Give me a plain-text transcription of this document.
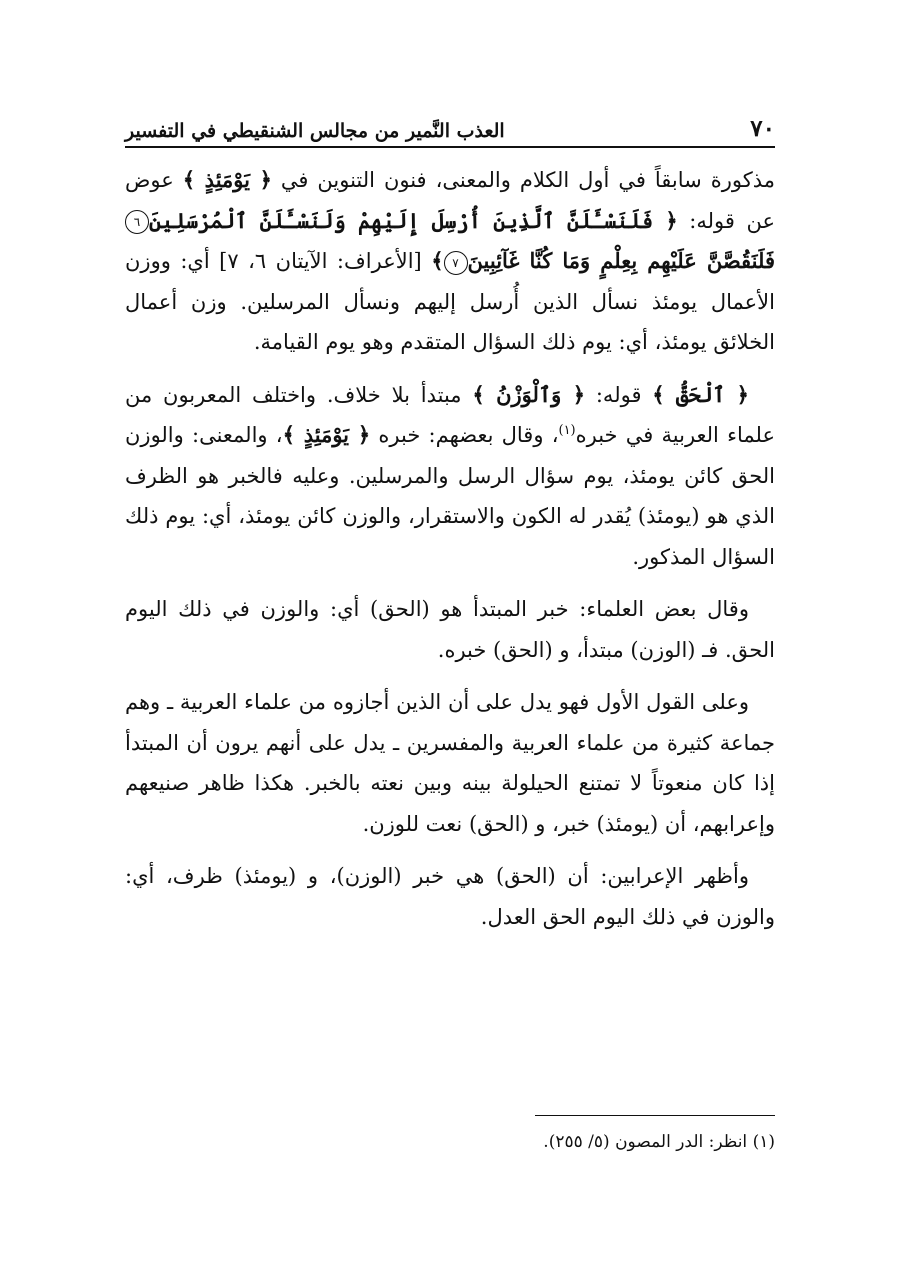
٧٠
العذب النَّمير من مجالس الشنقيطي في التفسير

مذكورة سابقاً في أول الكلام والمعنى، فنون التنوين في ﴿ يَوْمَئِذٍ ﴾ عوض عن قوله: ﴿ فَلَنَسْـَٔلَنَّ ٱلَّذِينَ أُرْسِلَ إِلَيْهِمْ وَلَنَسْـَٔلَنَّ ٱلْمُرْسَلِينَ٦ فَلَنَقُصَّنَّ عَلَيْهِم بِعِلْمٍ وَمَا كُنَّا غَآئِبِينَ٧﴾ [الأعراف: الآيتان ٦، ٧] أي: ووزن الأعمال يومئذ نسأل الذين أُرسل إليهم ونسأل المرسلين. وزن أعمال الخلائق يومئذ، أي: يوم ذلك السؤال المتقدم وهو يوم القيامة.

﴿ ٱلْحَقُّ ﴾ قوله: ﴿ وَٱلْوَزْنُ ﴾ مبتدأ بلا خلاف. واختلف المعربون من علماء العربية في خبره$^{(١)}$، وقال بعضهم: خبره ﴿ يَوْمَئِذٍ ﴾، والمعنى: والوزن الحق كائن يومئذ، يوم سؤال الرسل والمرسلين. وعليه فالخبر هو الظرف الذي هو (يومئذ) يُقدر له الكون والاستقرار، والوزن كائن يومئذ، أي: يوم ذلك السؤال المذكور.

وقال بعض العلماء: خبر المبتدأ هو (الحق) أي: والوزن في ذلك اليوم الحق. فـ (الوزن) مبتدأ، و (الحق) خبره.

وعلى القول الأول فهو يدل على أن الذين أجازوه من علماء العربية ـ وهم جماعة كثيرة من علماء العربية والمفسرين ـ يدل على أنهم يرون أن المبتدأ إذا كان منعوتاً لا تمتنع الحيلولة بينه وبين نعته بالخبر. هكذا ظاهر صنيعهم وإعرابهم، أن (يومئذ) خبر، و (الحق) نعت للوزن.

وأظهر الإعرابين: أن (الحق) هي خبر (الوزن)، و (يومئذ) ظرف، أي: والوزن في ذلك اليوم الحق العدل.

(١) انظر: الدر المصون (٥/ ٢٥٥).
